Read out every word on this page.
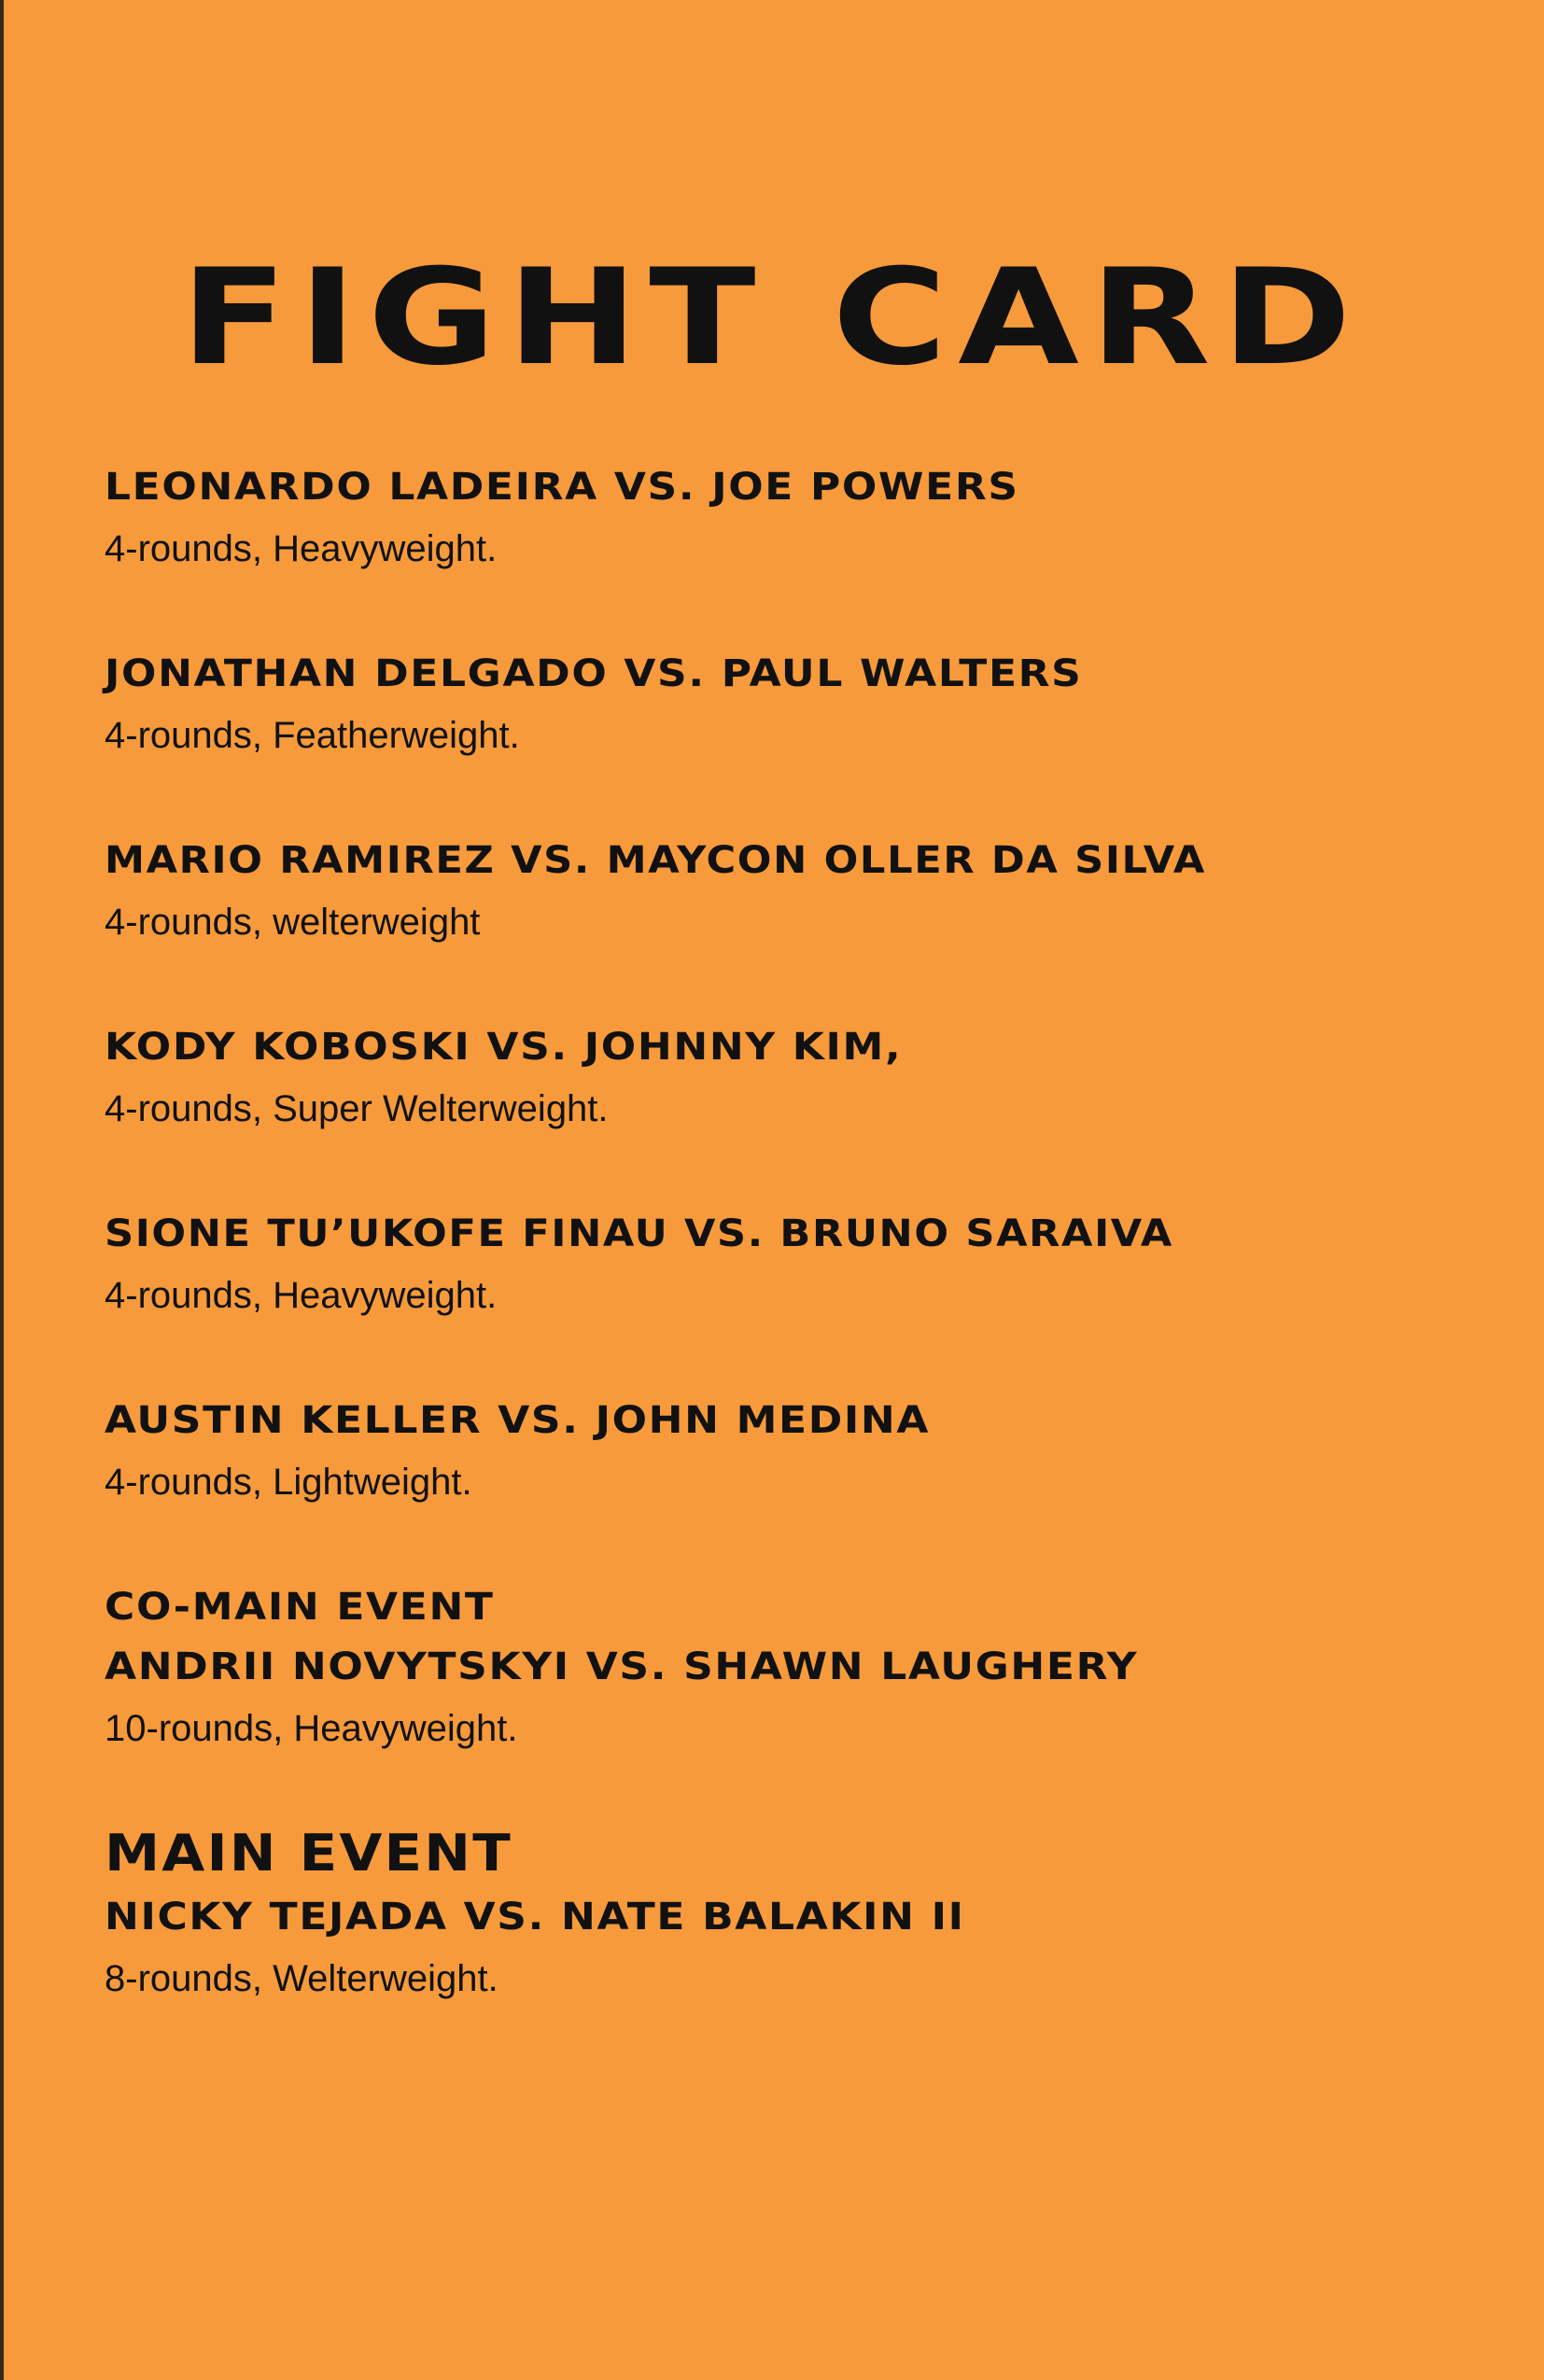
FIGHT CARD
LEONARDO LADEIRA VS. JOE POWERS
4-rounds, Heavyweight.
JONATHAN DELGADO VS. PAUL WALTERS
4-rounds, Featherweight.
MARIO RAMIREZ VS. MAYCON OLLER DA SILVA
4-rounds, welterweight
KODY KOBOSKI VS. JOHNNY KIM,
4-rounds, Super Welterweight.
SIONE TU’UKOFE FINAU VS. BRUNO SARAIVA
4-rounds, Heavyweight.
AUSTIN KELLER VS. JOHN MEDINA
4-rounds, Lightweight.
CO-MAIN EVENT
ANDRII NOVYTSKYI VS. SHAWN LAUGHERY
10-rounds, Heavyweight.
MAIN EVENT
NICKY TEJADA VS. NATE BALAKIN II
8-rounds, Welterweight.
